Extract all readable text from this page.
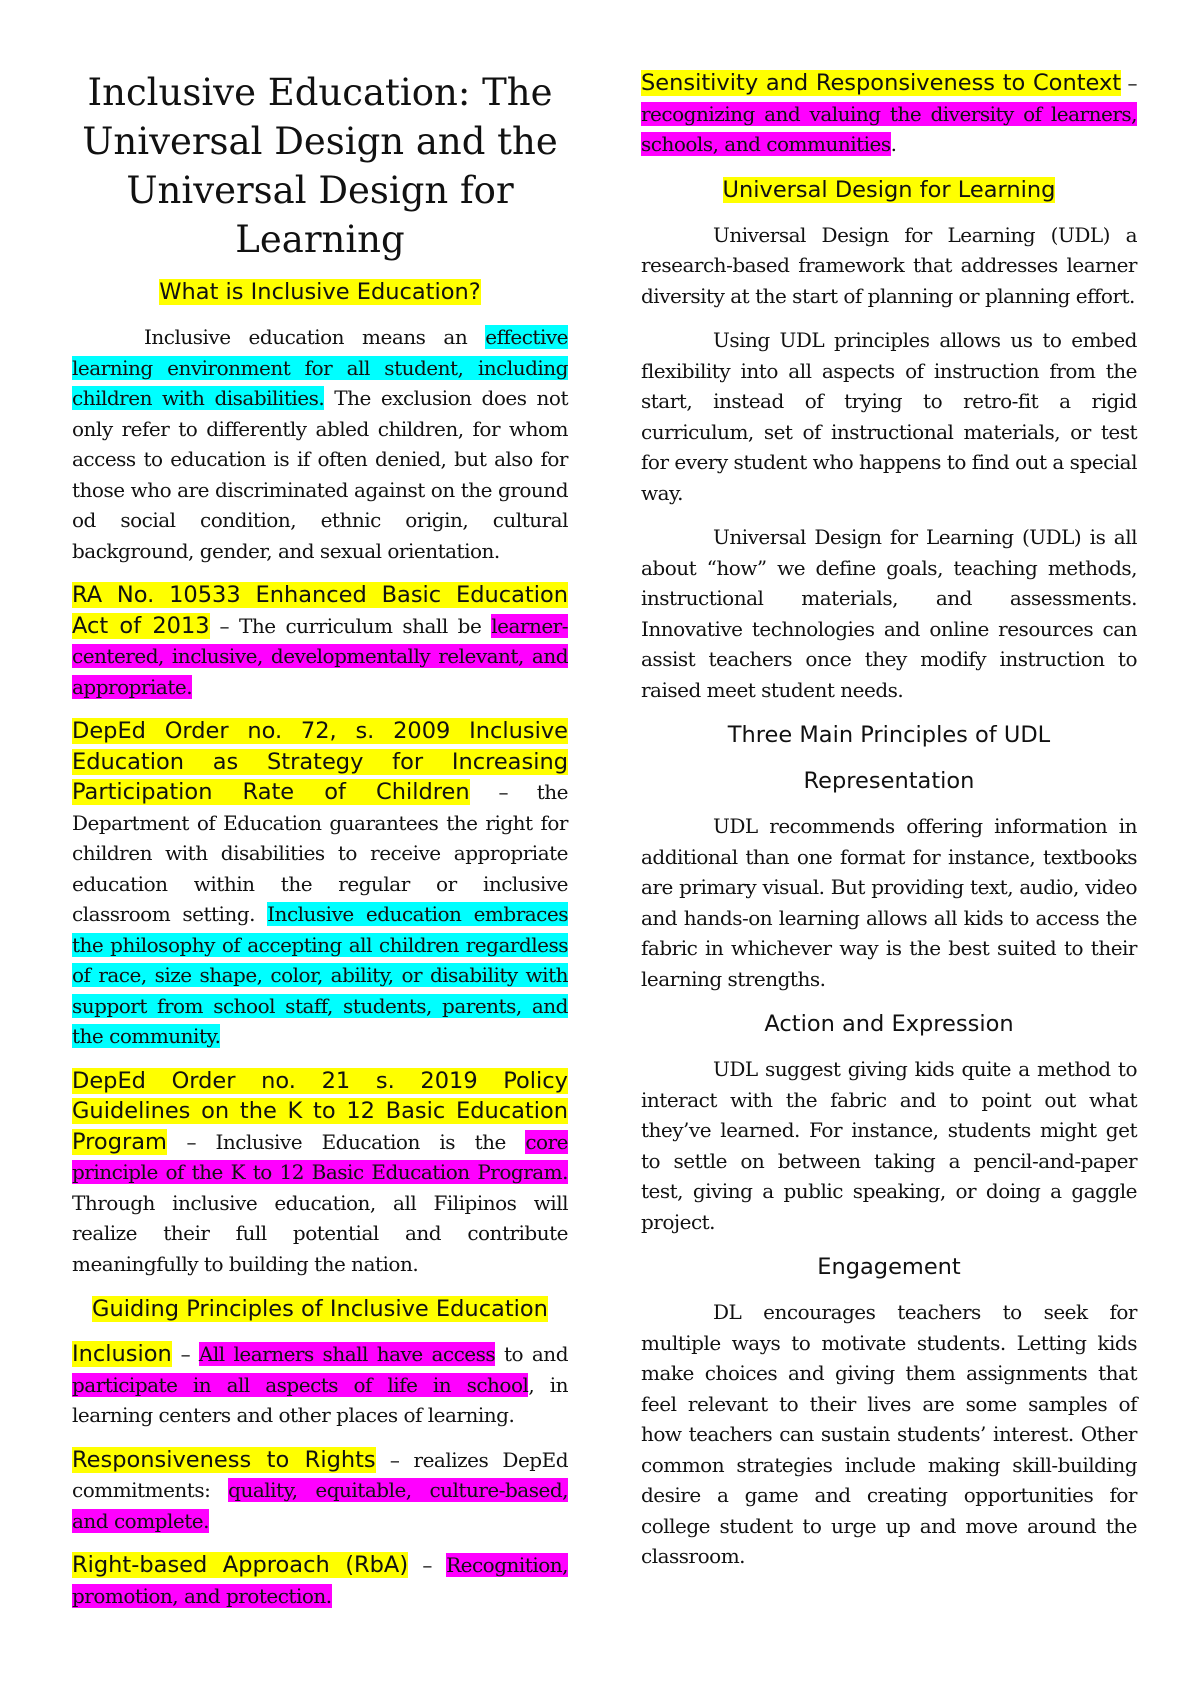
Inclusive Education: The Universal Design and the Universal Design for Learning
What is Inclusive Education?

Inclusive education means an effective learning environment for all student, including children with disabilities. The exclusion does not only refer to differently abled children, for whom access to education is if often denied, but also for those who are discriminated against on the ground od social condition, ethnic origin, cultural background, gender, and sexual orientation.

RA No. 10533 Enhanced Basic Education Act of 2013 – The curriculum shall be learner-centered, inclusive, developmentally relevant, and appropriate.

DepEd Order no. 72, s. 2009 Inclusive Education as Strategy for Increasing Participation Rate of Children – the Department of Education guarantees the right for children with disabilities to receive appropriate education within the regular or inclusive classroom setting. Inclusive education embraces the philosophy of accepting all children regardless of race, size shape, color, ability, or disability with support from school staff, students, parents, and the community.

DepEd Order no. 21 s. 2019 Policy Guidelines on the K to 12 Basic Education Program – Inclusive Education is the core principle of the K to 12 Basic Education Program. Through inclusive education, all Filipinos will realize their full potential and contribute meaningfully to building the nation.

Guiding Principles of Inclusive Education

Inclusion – All learners shall have access to and participate in all aspects of life in school, in learning centers and other places of learning.

Responsiveness to Rights – realizes DepEd commitments: quality, equitable, culture-based, and complete.

Right-based Approach (RbA) – Recognition, promotion, and protection.

Sensitivity and Responsiveness to Context – recognizing and valuing the diversity of learners, schools, and communities.

Universal Design for Learning

Universal Design for Learning (UDL) a research-based framework that addresses learner diversity at the start of planning or planning effort.

Using UDL principles allows us to embed flexibility into all aspects of instruction from the start, instead of trying to retro-fit a rigid curriculum, set of instructional materials, or test for every student who happens to find out a special way.

Universal Design for Learning (UDL) is all about “how” we define goals, teaching methods, instructional materials, and assessments. Innovative technologies and online resources can assist teachers once they modify instruction to raised meet student needs.

Three Main Principles of UDL
Representation

UDL recommends offering information in additional than one format for instance, textbooks are primary visual. But providing text, audio, video and hands-on learning allows all kids to access the fabric in whichever way is the best suited to their learning strengths.

Action and Expression

UDL suggest giving kids quite a method to interact with the fabric and to point out what they’ve learned. For instance, students might get to settle on between taking a pencil-and-paper test, giving a public speaking, or doing a gaggle project.

Engagement

DL encourages teachers to seek for multiple ways to motivate students. Letting kids make choices and giving them assignments that feel relevant to their lives are some samples of how teachers can sustain students’ interest. Other common strategies include making skill-building desire a game and creating opportunities for college student to urge up and move around the classroom.
